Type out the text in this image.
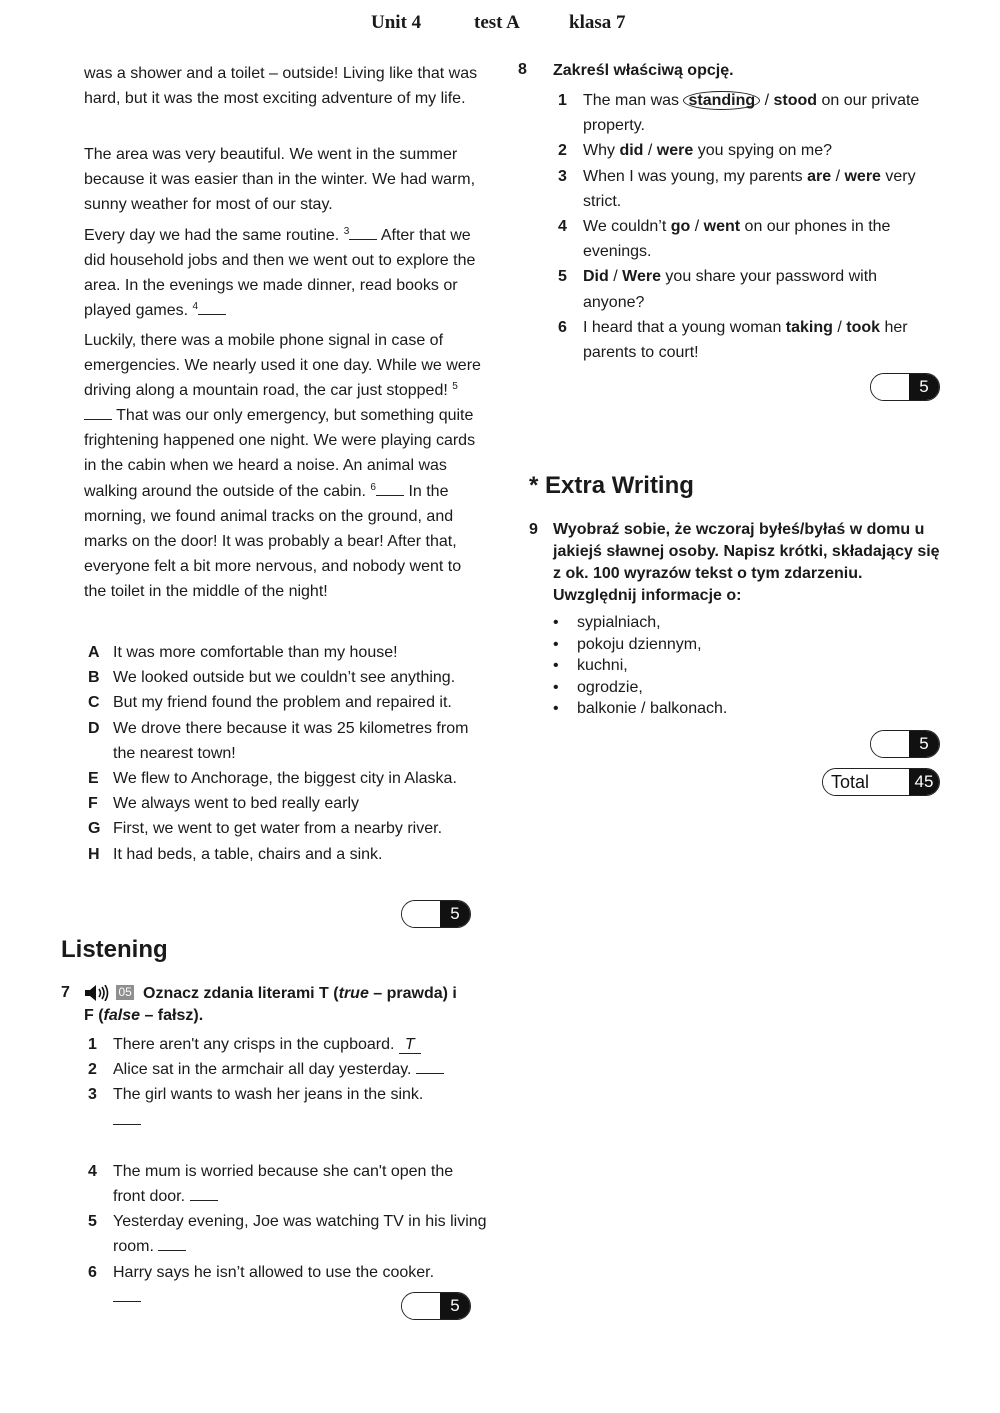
Unit 4	test A	klasa 7

was a shower and a toilet – outside! Living like that was hard, but it was the most exciting adventure of my life.

The area was very beautiful. We went in the summer because it was easier than in the winter. We had warm, sunny weather for most of our stay.

Every day we had the same routine. $^3$ After that we did household jobs and then we went out to explore the area. In the evenings we made dinner, read books or played games. $^4$

Luckily, there was a mobile phone signal in case of emergencies. We nearly used it one day. While we were driving along a mountain road, the car just stopped! $^5$ That was our only emergency, but something quite frightening happened one night. We were playing cards in the cabin when we heard a noise. An animal was walking around the outside of the cabin. $^6$ In the morning, we found animal tracks on the ground, and marks on the door! It was probably a bear! After that, everyone felt a bit more nervous, and nobody went to the toilet in the middle of the night!

A It was more comfortable than my house!
B We looked outside but we couldn’t see anything.
C But my friend found the problem and repaired it.
D We drove there because it was 25 kilometres from the nearest town!
E We flew to Anchorage, the biggest city in Alaska.
F We always went to bed really early
G First, we went to get water from a nearby river.
H It had beds, a table, chairs and a sink.
5
Listening
7	05 Oznacz zdania literami T (true – prawda) i F (false – fałsz).
1 There aren't any crisps in the cupboard. T
2 Alice sat in the armchair all day yesterday.
3 The girl wants to wash her jeans in the sink.

4 The mum is worried because she can't open the front door.
5 Yesterday evening, Joe was watching TV in his living room.
6 Harry says he isn’t allowed to use the cooker.

5
8 Zakreśl właściwą opcję.
1 The man was standing / stood on our private property.
2 Why did / were you spying on me?
3 When I was young, my parents are / were very strict.
4 We couldn’t go / went on our phones in the evenings.
5 Did / Were you share your password with anyone?
6 I heard that a young woman taking / took her parents to court!
5
* Extra Writing
9 Wyobraź sobie, że wczoraj byłeś/byłaś w domu u jakiejś sławnej osoby. Napisz krótki, składający się z ok. 100 wyrazów tekst o tym zdarzeniu. Uwzględnij informacje o:
• sypialniach,
• pokoju dziennym,
• kuchni,
• ogrodzie,
• balkonie / balkonach.
5
Total	45
